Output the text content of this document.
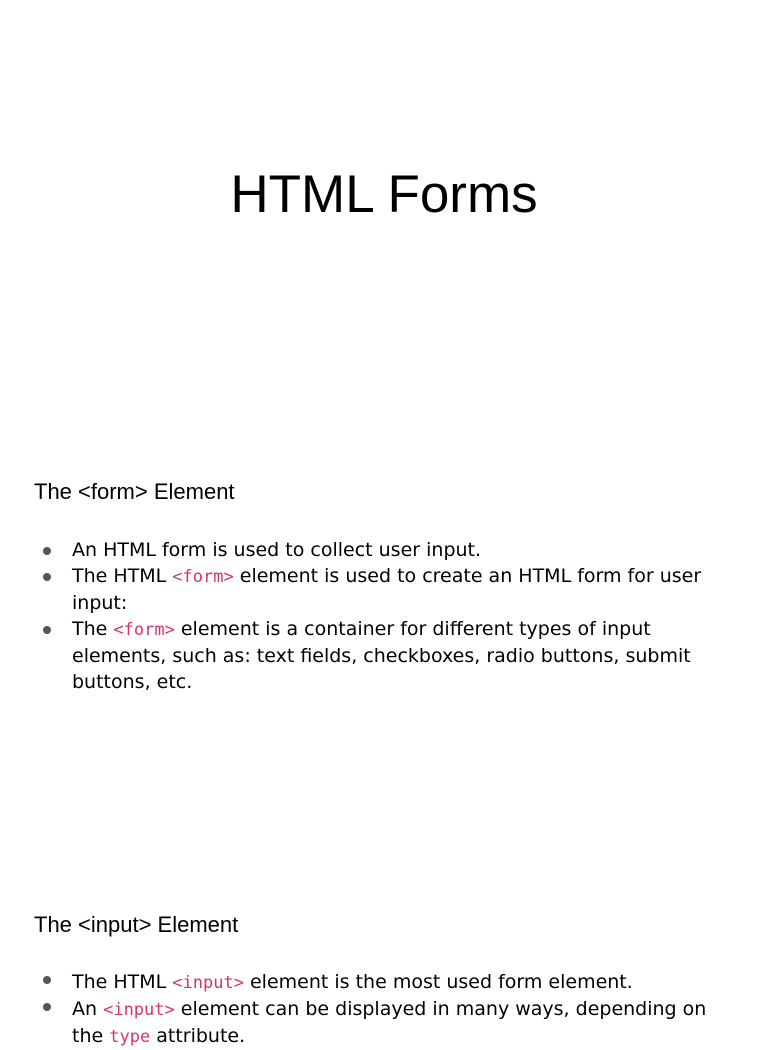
HTML Forms
The <form> Element
An HTML form is used to collect user input.
The HTML <form> element is used to create an HTML form for user input:
The <form> element is a container for different types of input elements, such as: text fields, checkboxes, radio buttons, submit buttons, etc.
The <input> Element
The HTML <input> element is the most used form element.
An <input> element can be displayed in many ways, depending on the type attribute.
